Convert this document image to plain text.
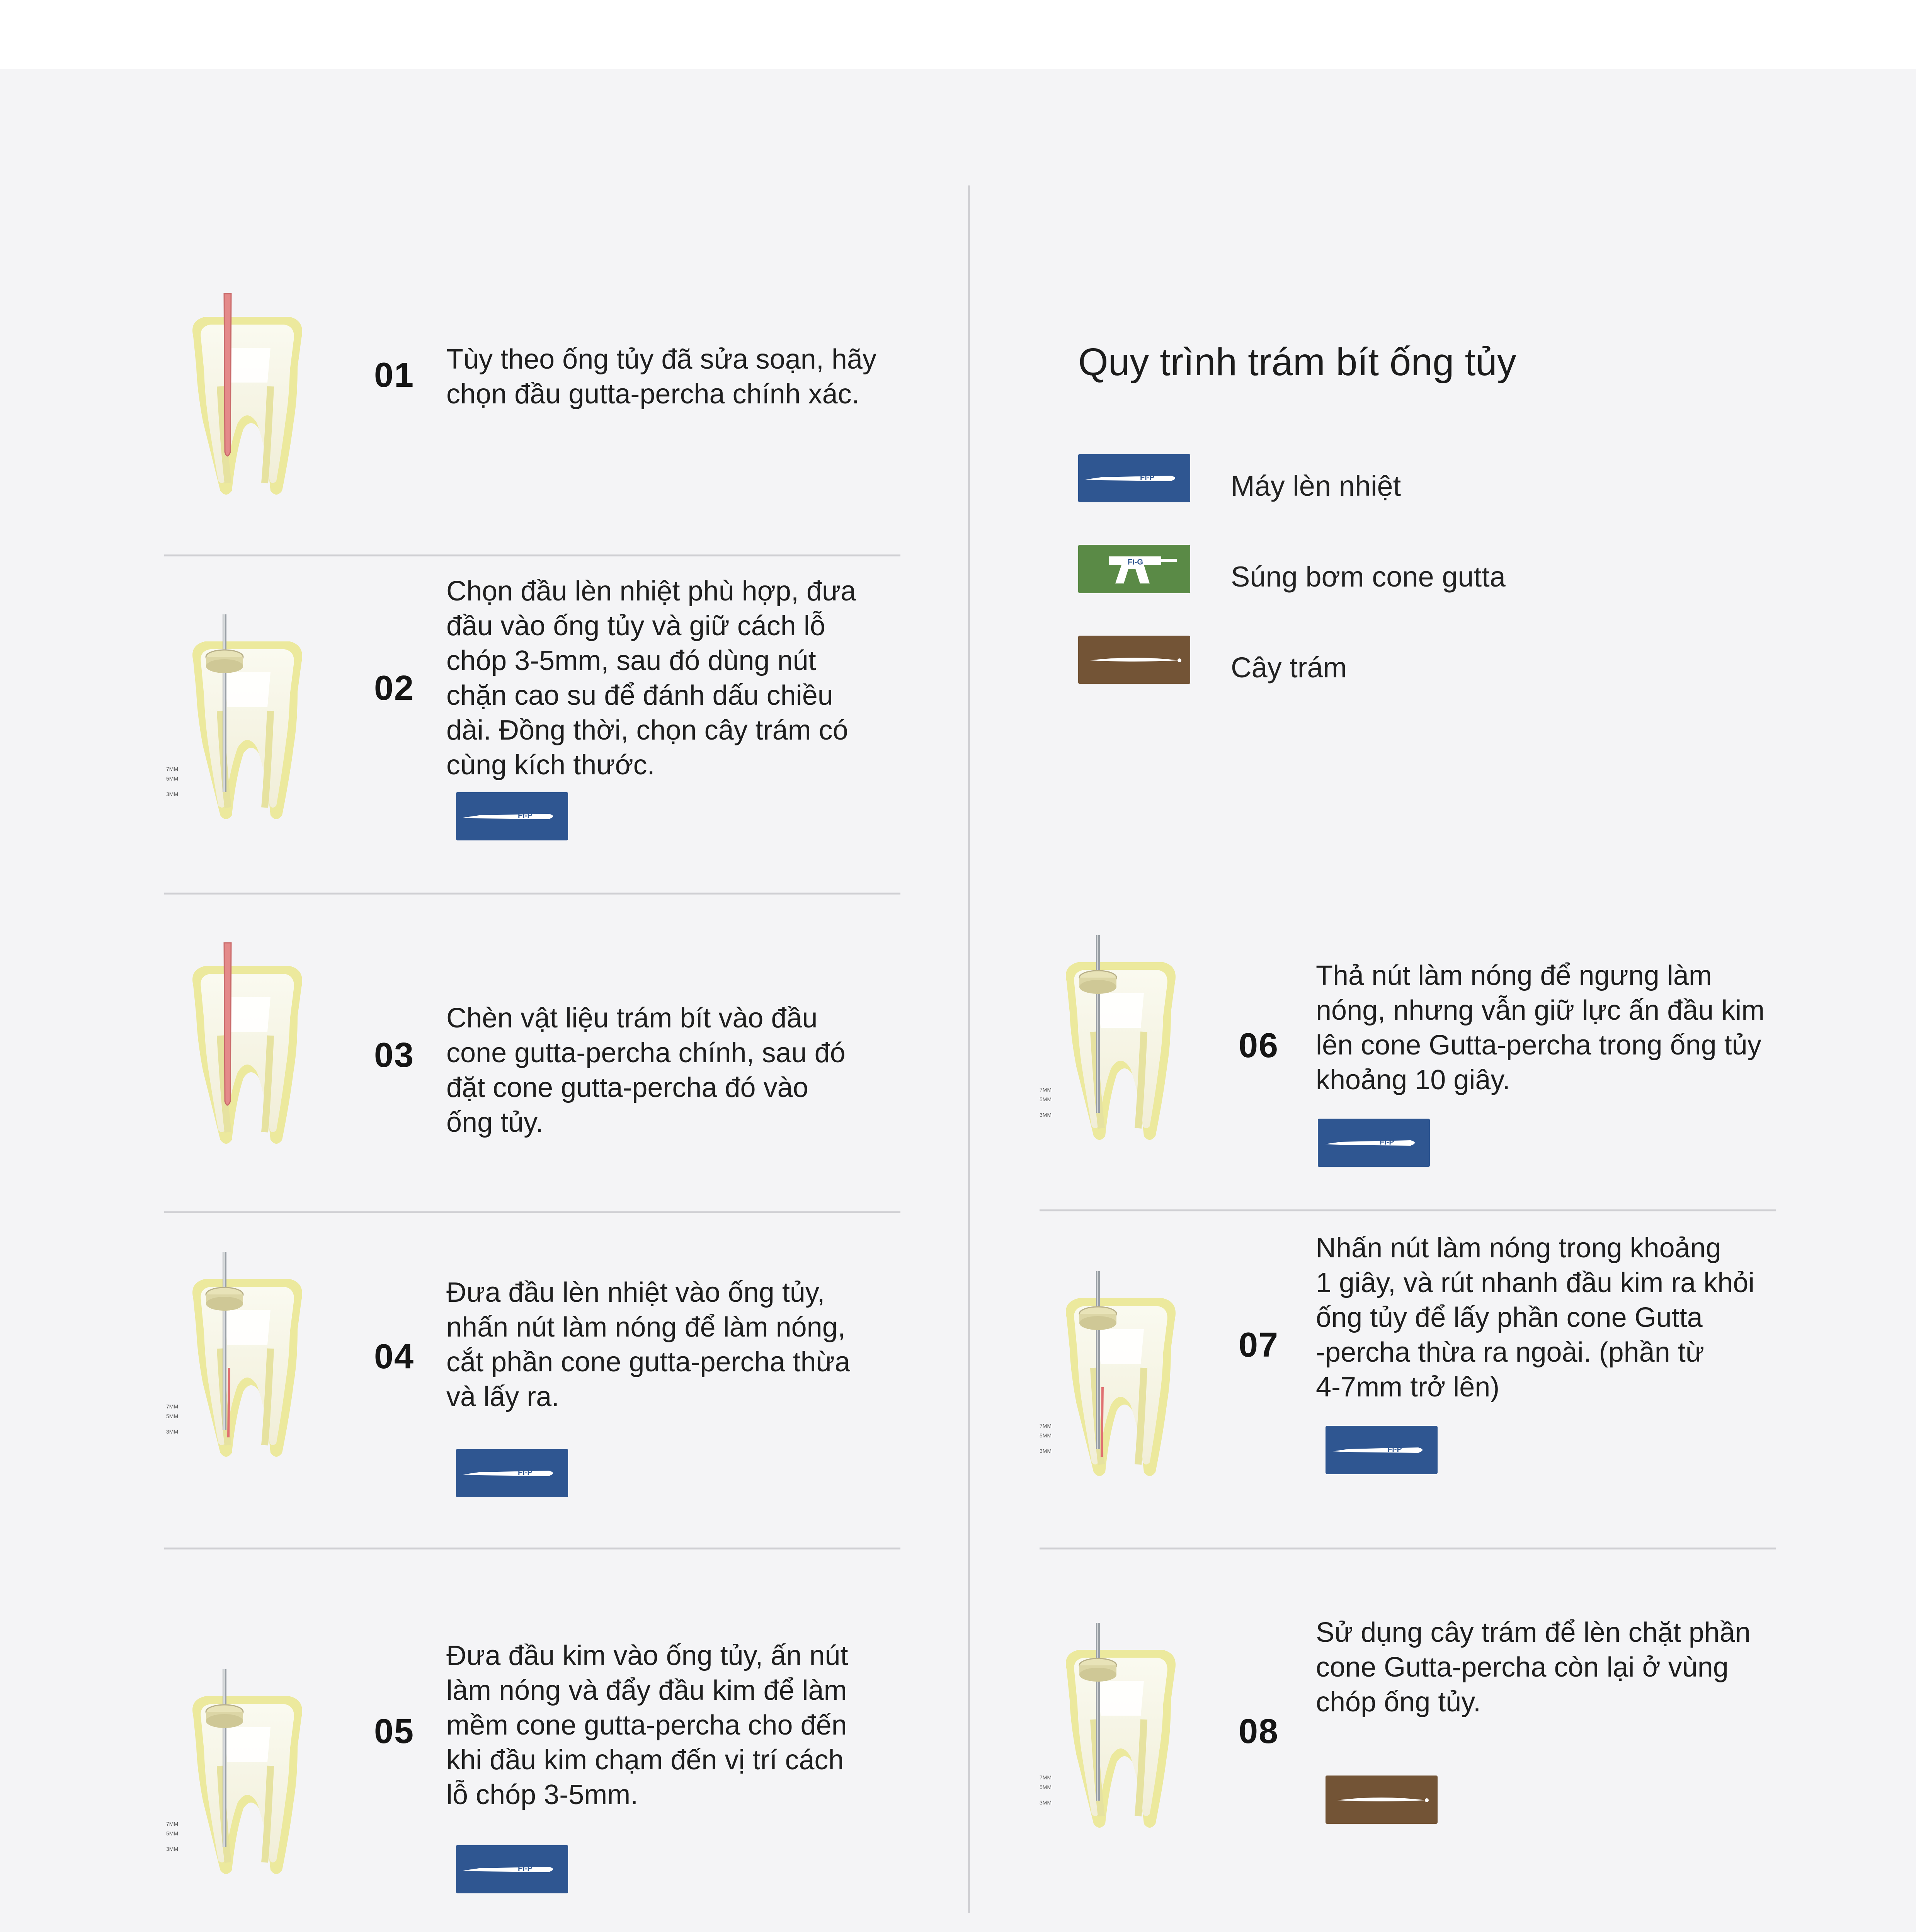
Quy trình trám bít ống tủy
Fi-P	Máy lèn nhiệt
Fi-G	Súng bơm cone gutta
Cây trám
01 Tùy theo ống tủy đã sửa soạn, hãy
chọn đầu gutta-percha chính xác.
7MM
5MM
3MM
02
Chọn đầu lèn nhiệt phù hợp, đưa
đầu vào ống tủy và giữ cách lỗ
chóp 3-5mm, sau đó dùng nút
chặn cao su để đánh dấu chiều
dài. Đồng thời, chọn cây trám có
cùng kích thước.
Fi-P
03
Chèn vật liệu trám bít vào đầu
cone gutta-percha chính, sau đó
đặt cone gutta-percha đó vào
ống tủy.
7MM
5MM
3MM
04
Đưa đầu lèn nhiệt vào ống tủy,
nhấn nút làm nóng để làm nóng,
cắt phần cone gutta-percha thừa
và lấy ra.
Fi-P
7MM
5MM
3MM
05
Đưa đầu kim vào ống tủy, ấn nút
làm nóng và đẩy đầu kim để làm
mềm cone gutta-percha cho đến
khi đầu kim chạm đến vị trí cách
lỗ chóp 3-5mm.
Fi-P
7MM
5MM
3MM
06
Thả nút làm nóng để ngưng làm
nóng, nhưng vẫn giữ lực ấn đầu kim
lên cone Gutta-percha trong ống tủy
khoảng 10 giây.
Fi-P
7MM
5MM
3MM
07
Nhấn nút làm nóng trong khoảng
1 giây, và rút nhanh đầu kim ra khỏi
ống tủy để lấy phần cone Gutta
-percha thừa ra ngoài. (phần từ
4-7mm trở lên)
Fi-P
7MM
5MM
3MM
08
Sử dụng cây trám để lèn chặt phần
cone Gutta-percha còn lại ở vùng
chóp ống tủy.
